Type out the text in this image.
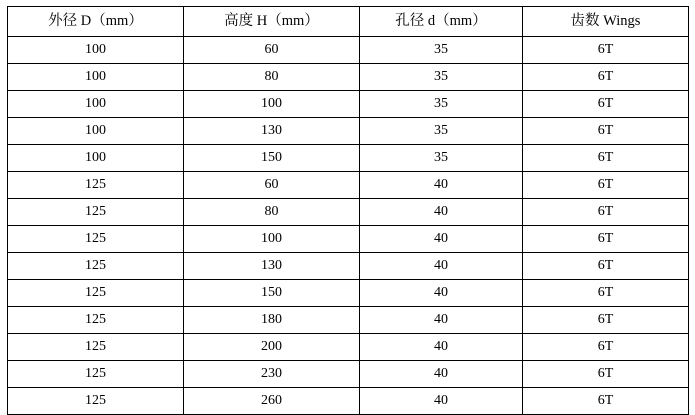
外径 D（mm）	高度 H（mm）	孔径 d（mm）	齿数 Wings
100	60	35	6T
100	80	35	6T
100	100	35	6T
100	130	35	6T
100	150	35	6T
125	60	40	6T
125	80	40	6T
125	100	40	6T
125	130	40	6T
125	150	40	6T
125	180	40	6T
125	200	40	6T
125	230	40	6T
125	260	40	6T
